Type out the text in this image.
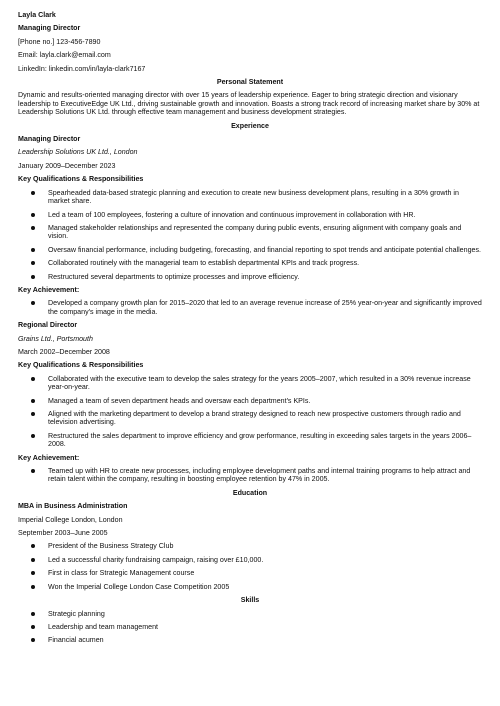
Layla Clark
Managing Director
[Phone no.] 123-456-7890
Email: layla.clark@email.com
LinkedIn: linkedin.com/in/layla-clark7167
Personal Statement
Dynamic and results-oriented managing director with over 15 years of leadership experience. Eager to bring strategic direction and visionary leadership to ExecutiveEdge UK Ltd., driving sustainable growth and innovation. Boasts a strong track record of increasing market share by 30% at Leadership Solutions UK Ltd. through effective team management and business development strategies.
Experience
Managing Director
Leadership Solutions UK Ltd., London
January 2009–December 2023
Key Qualifications & Responsibilities
Spearheaded data-based strategic planning and execution to create new business development plans, resulting in a 30% growth in market share.
Led a team of 100 employees, fostering a culture of innovation and continuous improvement in collaboration with HR.
Managed stakeholder relationships and represented the company during public events, ensuring alignment with company goals and vision.
Oversaw financial performance, including budgeting, forecasting, and financial reporting to spot trends and anticipate potential challenges.
Collaborated routinely with the managerial team to establish departmental KPIs and track progress.
Restructured several departments to optimize processes and improve efficiency.
Key Achievement:
Developed a company growth plan for 2015–2020 that led to an average revenue increase of 25% year-on-year and significantly improved the company's image in the media.
Regional Director
Grains Ltd., Portsmouth
March 2002–December 2008
Key Qualifications & Responsibilities
Collaborated with the executive team to develop the sales strategy for the years 2005–2007, which resulted in a 30% revenue increase year-on-year.
Managed a team of seven department heads and oversaw each department's KPIs.
Aligned with the marketing department to develop a brand strategy designed to reach new prospective customers through radio and television advertising.
Restructured the sales department to improve efficiency and grow performance, resulting in exceeding sales targets in the years 2006–2008.
Key Achievement:
Teamed up with HR to create new processes, including employee development paths and internal training programs to help attract and retain talent within the company, resulting in boosting employee retention by 47% in 2005.
Education
MBA in Business Administration
Imperial College London, London
September 2003–June 2005
President of the Business Strategy Club
Led a successful charity fundraising campaign, raising over £10,000.
First in class for Strategic Management course
Won the Imperial College London Case Competition 2005
Skills
Strategic planning
Leadership and team management
Financial acumen
